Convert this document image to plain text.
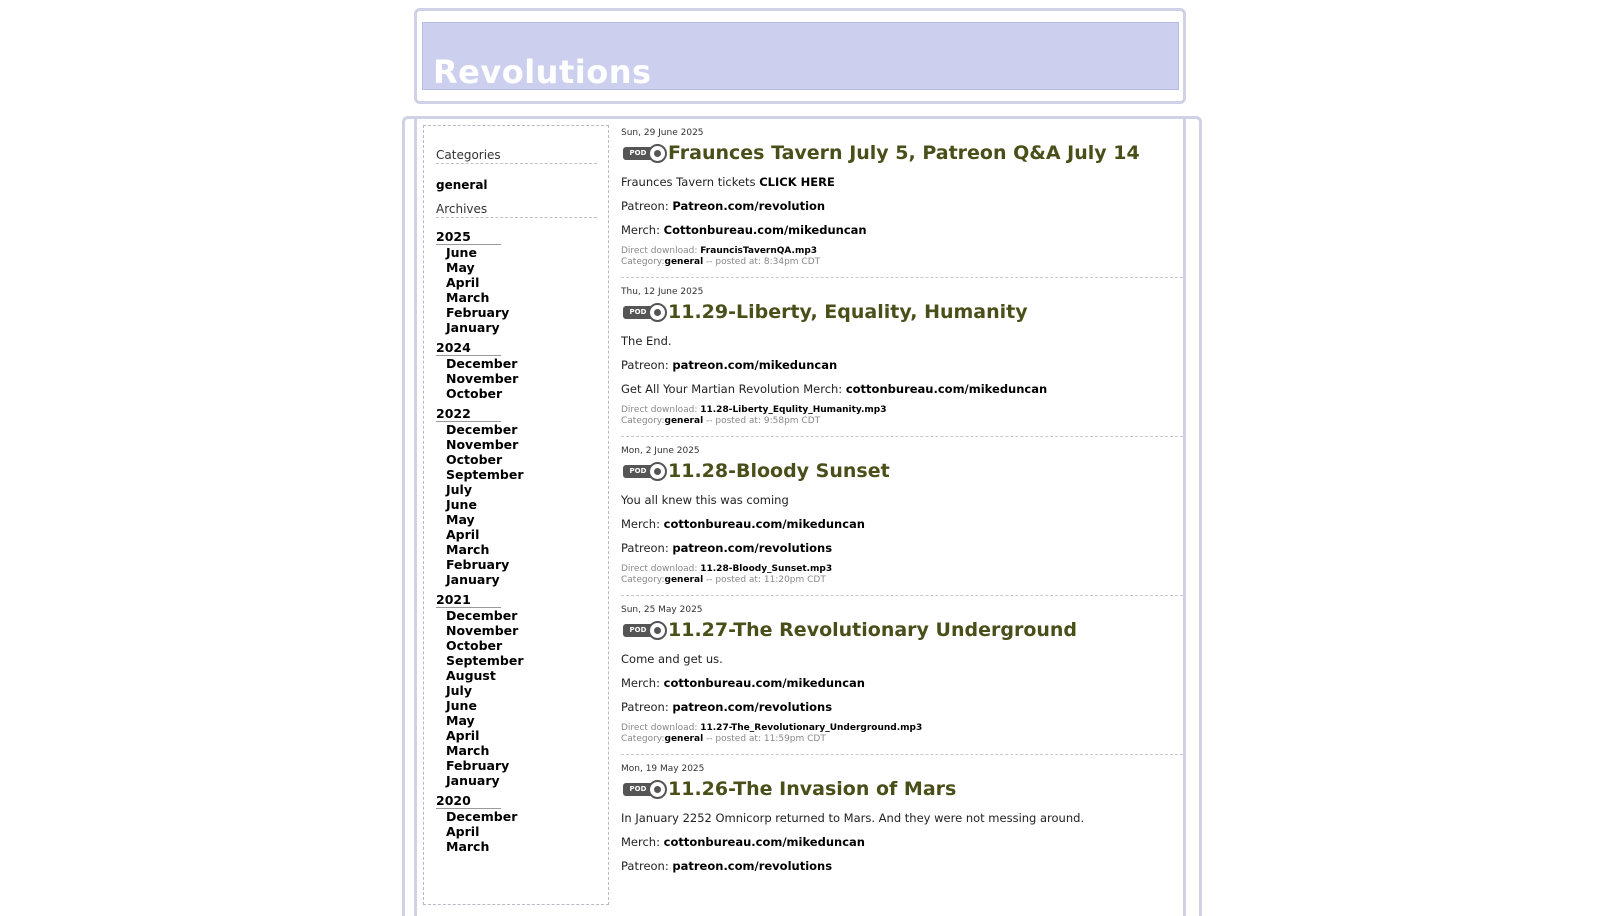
Revolutions
Categories
general
Archives
2025
June
May
April
March
February
January
2024
December
November
October
2022
December
November
October
September
July
June
May
April
March
February
January
2021
December
November
October
September
August
July
June
May
April
March
February
January
2020
December
April
March
Sun, 29 June 2025
POD	Fraunces Tavern July 5, Patreon Q&A July 14
Fraunces Tavern tickets CLICK HERE
Patreon: Patreon.com/revolution
Merch: Cottonbureau.com/mikeduncan
Direct download: FrauncisTavernQA.mp3
Category:general -- posted at: 8:34pm CDT
Thu, 12 June 2025
POD	11.29-Liberty, Equality, Humanity
The End.
Patreon: patreon.com/mikeduncan
Get All Your Martian Revolution Merch: cottonbureau.com/mikeduncan
Direct download: 11.28-Liberty_Equlity_Humanity.mp3
Category:general -- posted at: 9:58pm CDT
Mon, 2 June 2025
POD	11.28-Bloody Sunset
You all knew this was coming
Merch: cottonbureau.com/mikeduncan
Patreon: patreon.com/revolutions
Direct download: 11.28-Bloody_Sunset.mp3
Category:general -- posted at: 11:20pm CDT
Sun, 25 May 2025
POD	11.27-The Revolutionary Underground
Come and get us.
Merch: cottonbureau.com/mikeduncan
Patreon: patreon.com/revolutions
Direct download: 11.27-The_Revolutionary_Underground.mp3
Category:general -- posted at: 11:59pm CDT
Mon, 19 May 2025
POD	11.26-The Invasion of Mars
In January 2252 Omnicorp returned to Mars. And they were not messing around.
Merch: cottonbureau.com/mikeduncan
Patreon: patreon.com/revolutions
